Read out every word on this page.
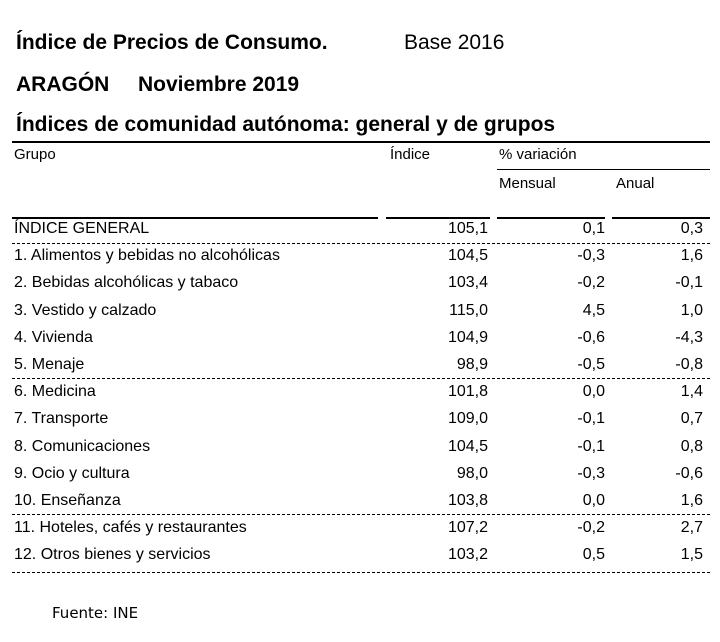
Índice de Precios de Consumo.	Base 2016
ARAGÓN Noviembre 2019
Índices de comunidad autónoma: general y de grupos
Grupo	Índice	% variación
Mensual	Anual
ÍNDICE GENERAL	105,1	0,1	0,3
1. Alimentos y bebidas no alcohólicas	104,5	-0,3	1,6
2. Bebidas alcohólicas y tabaco	103,4	-0,2	-0,1
3. Vestido y calzado	115,0	4,5	1,0
4. Vivienda	104,9	-0,6	-4,3
5. Menaje	98,9	-0,5	-0,8
6. Medicina	101,8	0,0	1,4
7. Transporte	109,0	-0,1	0,7
8. Comunicaciones	104,5	-0,1	0,8
9. Ocio y cultura	98,0	-0,3	-0,6
10. Enseñanza	103,8	0,0	1,6
11. Hoteles, cafés y restaurantes	107,2	-0,2	2,7
12. Otros bienes y servicios	103,2	0,5	1,5
Fuente: INE
